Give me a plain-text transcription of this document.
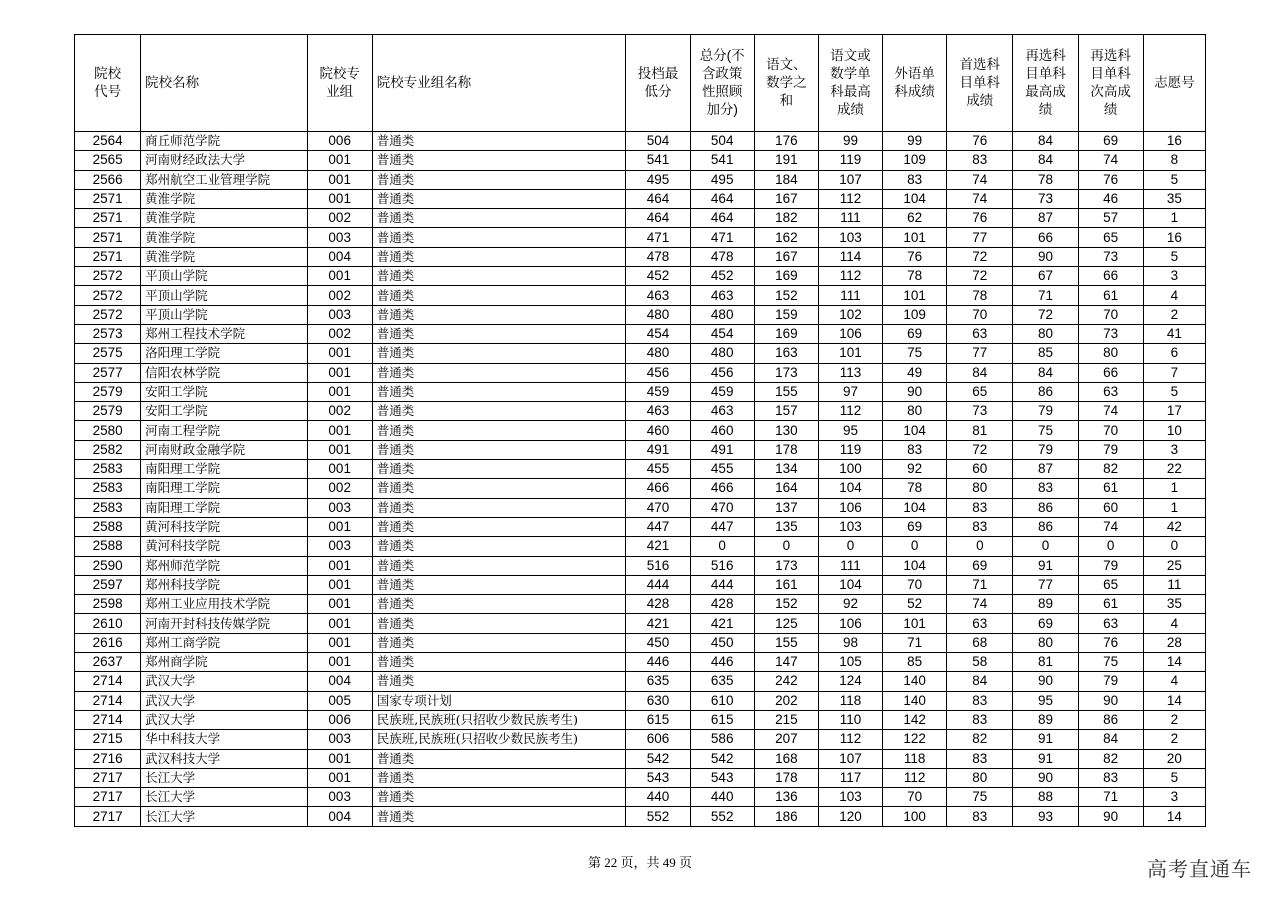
院校
代号	院校名称	院校专
业组	院校专业组名称	投档最
低分	总分(不
含政策
性照顾
加分)	语文、
数学之
和	语文或
数学单
科最高
成绩	外语单
科成绩	首选科
目单科
成绩	再选科
目单科
最高成
绩	再选科
目单科
次高成
绩	志愿号
2564	商丘师范学院	006	普通类	504	504	176	99	99	76	84	69	16
2565	河南财经政法大学	001	普通类	541	541	191	119	109	83	84	74	8
2566	郑州航空工业管理学院	001	普通类	495	495	184	107	83	74	78	76	5
2571	黄淮学院	001	普通类	464	464	167	112	104	74	73	46	35
2571	黄淮学院	002	普通类	464	464	182	111	62	76	87	57	1
2571	黄淮学院	003	普通类	471	471	162	103	101	77	66	65	16
2571	黄淮学院	004	普通类	478	478	167	114	76	72	90	73	5
2572	平顶山学院	001	普通类	452	452	169	112	78	72	67	66	3
2572	平顶山学院	002	普通类	463	463	152	111	101	78	71	61	4
2572	平顶山学院	003	普通类	480	480	159	102	109	70	72	70	2
2573	郑州工程技术学院	002	普通类	454	454	169	106	69	63	80	73	41
2575	洛阳理工学院	001	普通类	480	480	163	101	75	77	85	80	6
2577	信阳农林学院	001	普通类	456	456	173	113	49	84	84	66	7
2579	安阳工学院	001	普通类	459	459	155	97	90	65	86	63	5
2579	安阳工学院	002	普通类	463	463	157	112	80	73	79	74	17
2580	河南工程学院	001	普通类	460	460	130	95	104	81	75	70	10
2582	河南财政金融学院	001	普通类	491	491	178	119	83	72	79	79	3
2583	南阳理工学院	001	普通类	455	455	134	100	92	60	87	82	22
2583	南阳理工学院	002	普通类	466	466	164	104	78	80	83	61	1
2583	南阳理工学院	003	普通类	470	470	137	106	104	83	86	60	1
2588	黄河科技学院	001	普通类	447	447	135	103	69	83	86	74	42
2588	黄河科技学院	003	普通类	421	0	0	0	0	0	0	0	0
2590	郑州师范学院	001	普通类	516	516	173	111	104	69	91	79	25
2597	郑州科技学院	001	普通类	444	444	161	104	70	71	77	65	11
2598	郑州工业应用技术学院	001	普通类	428	428	152	92	52	74	89	61	35
2610	河南开封科技传媒学院	001	普通类	421	421	125	106	101	63	69	63	4
2616	郑州工商学院	001	普通类	450	450	155	98	71	68	80	76	28
2637	郑州商学院	001	普通类	446	446	147	105	85	58	81	75	14
2714	武汉大学	004	普通类	635	635	242	124	140	84	90	79	4
2714	武汉大学	005	国家专项计划	630	610	202	118	140	83	95	90	14
2714	武汉大学	006	民族班,民族班(只招收少数民族考生)	615	615	215	110	142	83	89	86	2
2715	华中科技大学	003	民族班,民族班(只招收少数民族考生)	606	586	207	112	122	82	91	84	2
2716	武汉科技大学	001	普通类	542	542	168	107	118	83	91	82	20
2717	长江大学	001	普通类	543	543	178	117	112	80	90	83	5
2717	长江大学	003	普通类	440	440	136	103	70	75	88	71	3
2717	长江大学	004	普通类	552	552	186	120	100	83	93	90	14
第 22 页，共 49 页	高考直通车
